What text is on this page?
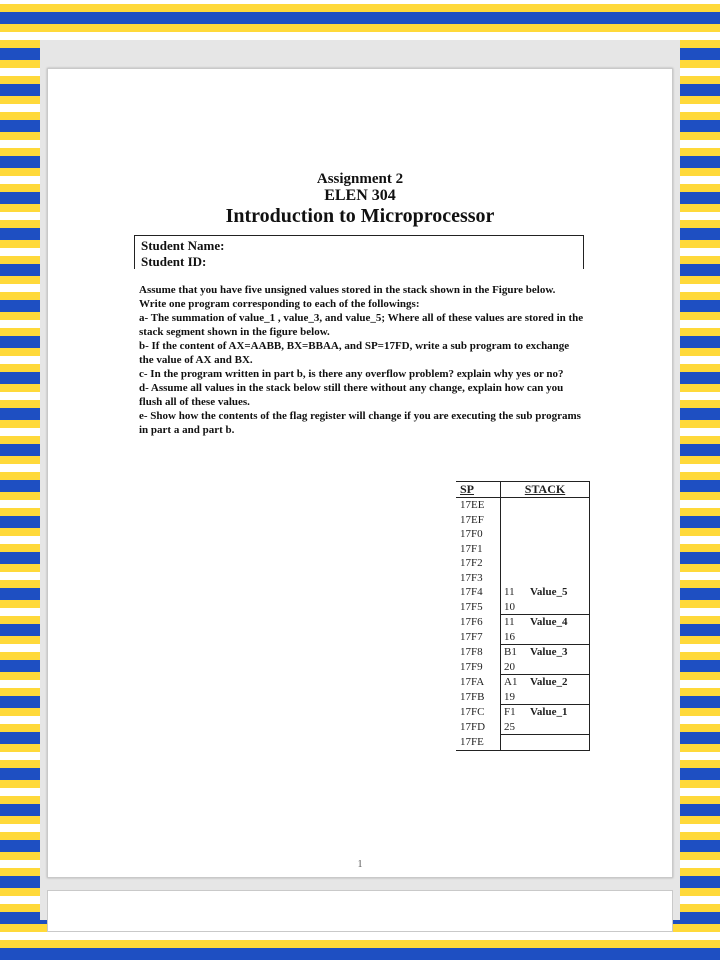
Assignment 2
ELEN 304
Introduction to Microprocessor
Student Name:
Student ID:

Assume that you have five unsigned values stored in the stack shown in the Figure below. Write one program corresponding to each of the followings:

a- The summation of value_1 , value_3, and value_5; Where all of these values are stored in the stack segment shown in the figure below.

b- If the content of AX=AABB, BX=BBAA, and SP=17FD, write a sub program to exchange the value of AX and BX.

c- In the program written in part b, is there any overflow problem? explain why yes or no?

d- Assume all values in the stack below still there without any change, explain how can you flush all of these values.

e- Show how the contents of the flag register will change if you are executing the sub programs in part a and part b.

SP	STACK
17EE	
17EF	
17F0	
17F1	
17F2	
17F3	
17F4	11 Value_5
17F5	10
17F6	11 Value_4
17F7	16
17F8	B1 Value_3
17F9	20
17FA	A1 Value_2
17FB	19
17FC	F1 Value_1
17FD	25
17FE	
1
